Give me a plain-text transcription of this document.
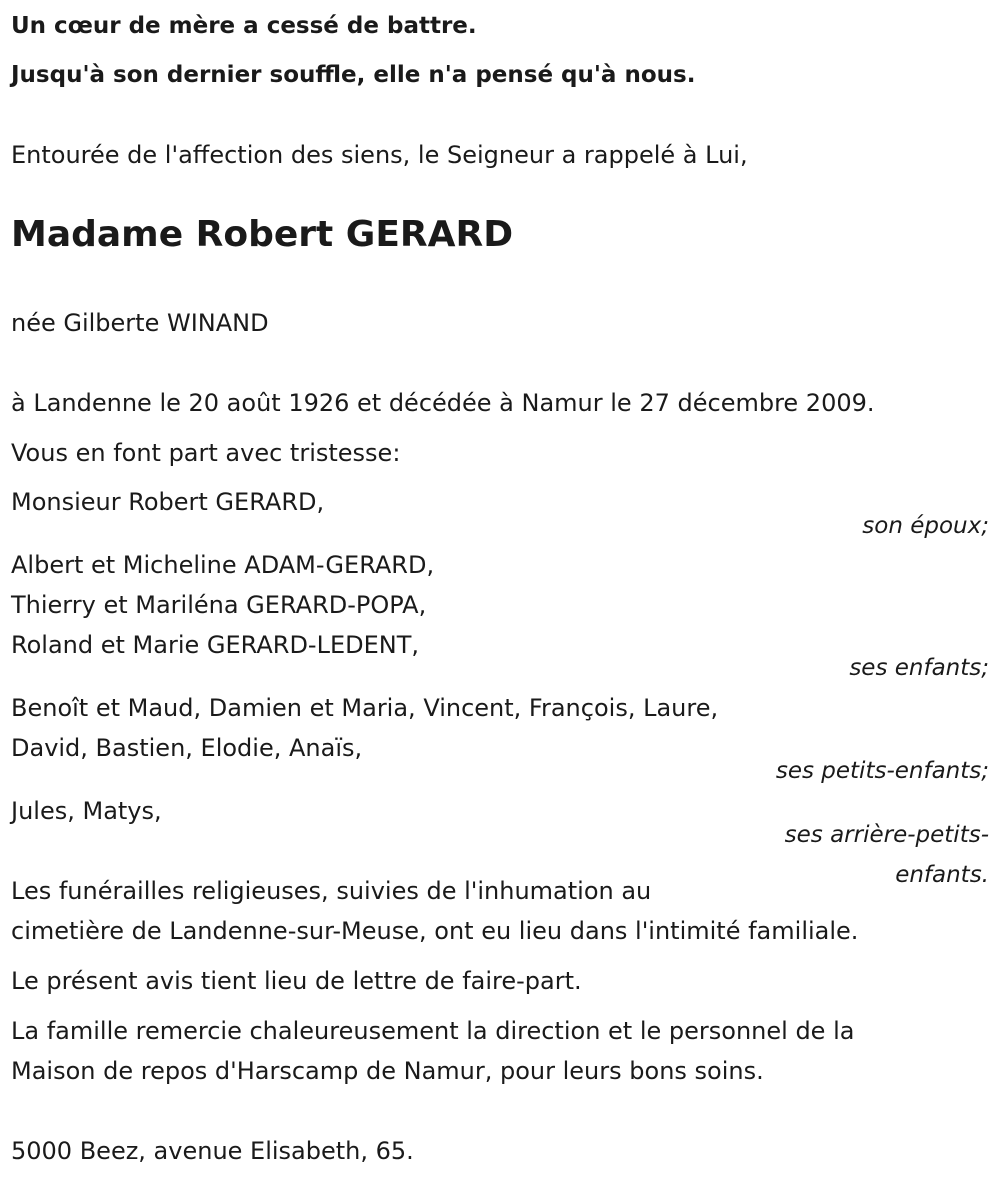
Un cœur de mère a cessé de battre.
Jusqu'à son dernier souffle, elle n'a pensé qu'à nous.
Entourée de l'affection des siens, le Seigneur a rappelé à Lui,
Madame Robert GERARD
née Gilberte WINAND
à Landenne le 20 août 1926 et décédée à Namur le 27 décembre 2009.
Vous en font part avec tristesse:
Monsieur Robert GERARD,
son époux;
Albert et Micheline ADAM-GERARD,
Thierry et Mariléna GERARD-POPA,
Roland et Marie GERARD-LEDENT,
ses enfants;
Benoît et Maud, Damien et Maria, Vincent, François, Laure,
David, Bastien, Elodie, Anaïs,
ses petits-enfants;
Jules, Matys,
ses arrière-petits-
enfants.
Les funérailles religieuses, suivies de l'inhumation au
cimetière de Landenne-sur-Meuse, ont eu lieu dans l'intimité familiale.
Le présent avis tient lieu de lettre de faire-part.
La famille remercie chaleureusement la direction et le personnel de la
Maison de repos d'Harscamp de Namur, pour leurs bons soins.
5000 Beez, avenue Elisabeth, 65.
